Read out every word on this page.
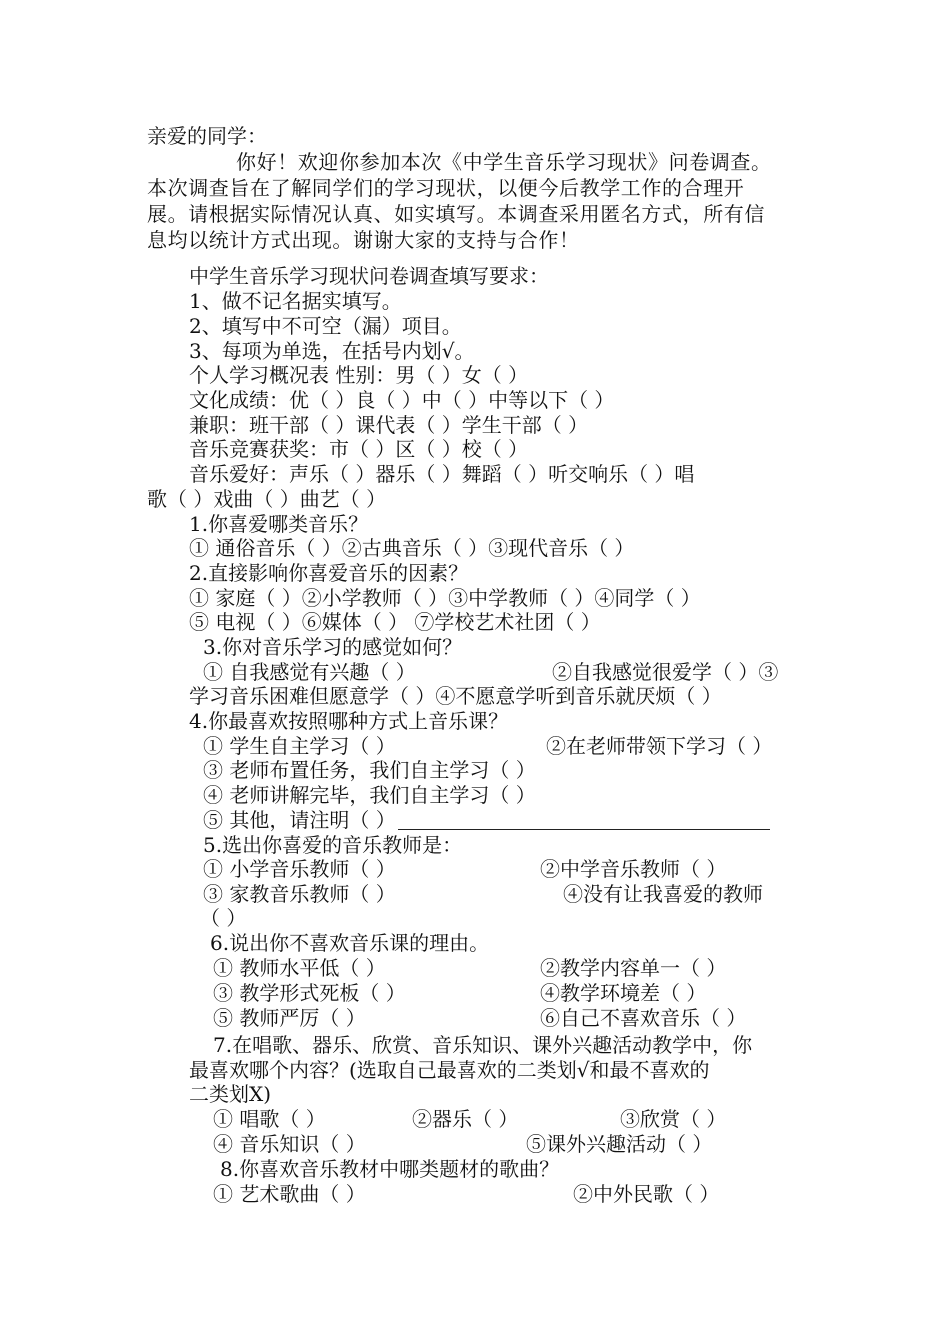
亲爱的同学：

你好！欢迎你参加本次《中学生音乐学习现状》问卷调查。

本次调查旨在了解同学们的学习现状，以便今后教学工作的合理开

展。请根据实际情况认真、如实填写。本调查采用匿名方式，所有信

息均以统计方式出现。谢谢大家的支持与合作！

中学生音乐学习现状问卷调查填写要求：

1、做不记名据实填写。

2、填写中不可空（漏）项目。

3、每项为单选，在括号内划√。

个人学习概况表 性别：男（ ）女（ ）

文化成绩：优（ ）良（ ）中（ ）中等以下（ ）

兼职：班干部（ ）课代表（ ）学生干部（ ）

音乐竞赛获奖：市（ ）区（ ）校（ ）

音乐爱好：声乐（ ）器乐（ ）舞蹈（ ）听交响乐（ ）唱

歌（ ）戏曲（ ）曲艺（ ）

1.你喜爱哪类音乐？

① 通俗音乐（ ）②古典音乐（ ）③现代音乐（ ）

2.直接影响你喜爱音乐的因素？

① 家庭（ ）②小学教师（ ）③中学教师（ ）④同学（ ）

⑤ 电视（ ）⑥媒体（ ） ⑦学校艺术社团（ ）

3.你对音乐学习的感觉如何？

① 自我感觉有兴趣（ ）	②自我感觉很爱学（ ）③

学习音乐困难但愿意学（ ）④不愿意学听到音乐就厌烦（ ）

4.你最喜欢按照哪种方式上音乐课？

① 学生自主学习（ ）	②在老师带领下学习（ ）

③ 老师布置任务，我们自主学习（ ）

④ 老师讲解完毕，我们自主学习（ ）

⑤ 其他，请注明（ ）

5.选出你喜爱的音乐教师是：

① 小学音乐教师（ ）	②中学音乐教师（ ）

③ 家教音乐教师（ ）	④没有让我喜爱的教师

（ ）

6.说出你不喜欢音乐课的理由。

① 教师水平低（ ）	②教学内容单一（ ）

③ 教学形式死板（ ）	④教学环境差（ ）

⑤ 教师严厉（ ）	⑥自己不喜欢音乐（ ）

7.在唱歌、器乐、欣赏、音乐知识、课外兴趣活动教学中，你

最喜欢哪个内容？(选取自己最喜欢的二类划√和最不喜欢的

二类划X)

① 唱歌（ ）	②器乐（ ）	③欣赏（ ）

④ 音乐知识（ ）	⑤课外兴趣活动（ ）

8.你喜欢音乐教材中哪类题材的歌曲？

① 艺术歌曲（ ）	②中外民歌（ ）
